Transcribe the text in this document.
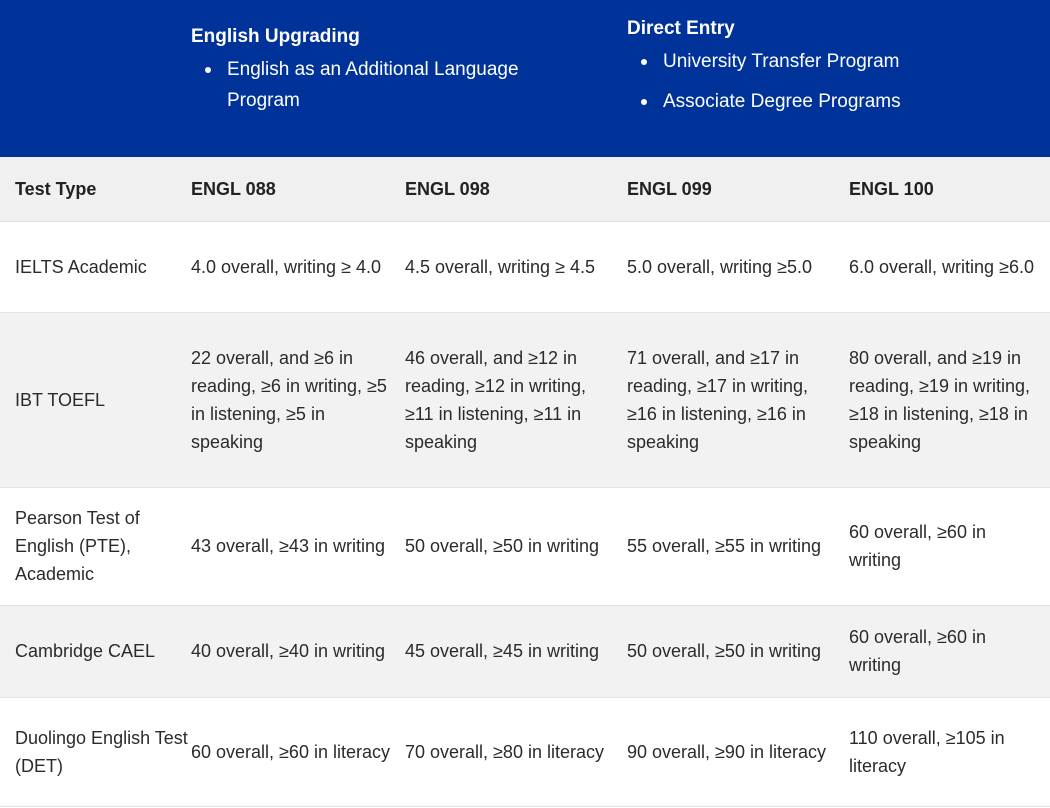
English Upgrading
English as an Additional Language Program
Direct Entry
University Transfer Program
Associate Degree Programs
Test Type	ENGL 088	ENGL 098	ENGL 099	ENGL 100
IELTS Academic	4.0 overall, writing ≥ 4.0	4.5 overall, writing ≥ 4.5	5.0 overall, writing ≥5.0	6.0 overall, writing ≥6.0
IBT TOEFL	22 overall, and ≥6 in reading, ≥6 in writing, ≥5 in listening, ≥5 in speaking	46 overall, and ≥12 in reading, ≥12 in writing, ≥11 in listening, ≥11 in speaking	71 overall, and ≥17 in reading, ≥17 in writing, ≥16 in listening, ≥16 in speaking	80 overall, and ≥19 in reading, ≥19 in writing, ≥18 in listening, ≥18 in speaking
Pearson Test of English (PTE), Academic	43 overall, ≥43 in writing	50 overall, ≥50 in writing	55 overall, ≥55 in writing	60 overall, ≥60 in writing
Cambridge CAEL	40 overall, ≥40 in writing	45 overall, ≥45 in writing	50 overall, ≥50 in writing	60 overall, ≥60 in writing
Duolingo English Test (DET)	60 overall, ≥60 in literacy	70 overall, ≥80 in literacy	90 overall, ≥90 in literacy	110 overall, ≥105 in literacy
